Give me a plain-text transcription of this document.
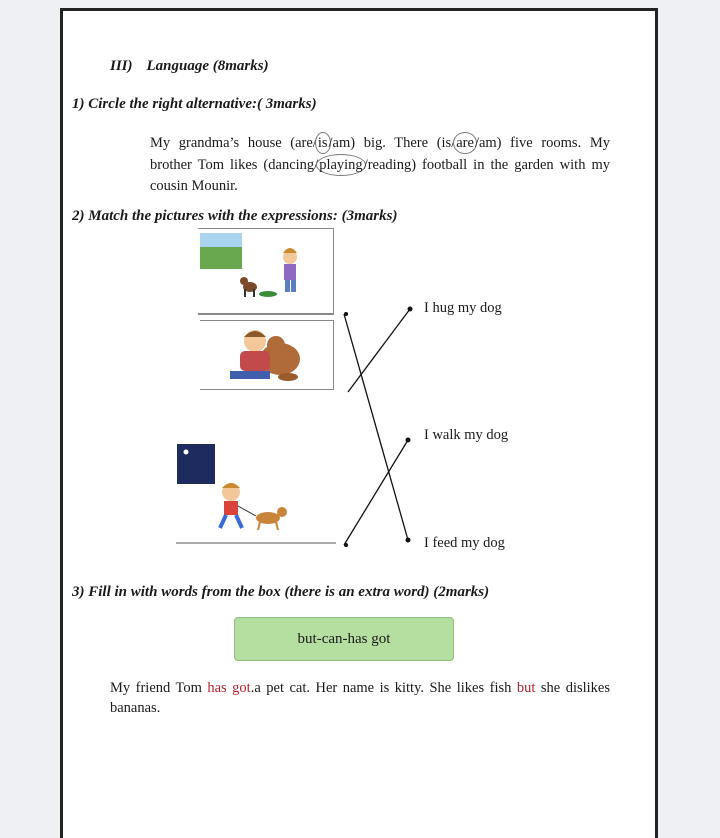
III) Language (8marks)
1) Circle the right alternative:( 3marks)
My grandma’s house (are/is/am) big. There (is/are/am) five rooms. My brother Tom likes (dancing/playing/reading) football in the garden with my cousin Mounir.
2) Match the pictures with the expressions: (3marks)
I hug my dog
I walk my dog
I feed my dog
3) Fill in with words from the box (there is an extra word) (2marks)
but-can-has got
My friend Tom has got.a pet cat. Her name is kitty. She likes fish but she dislikes bananas.
